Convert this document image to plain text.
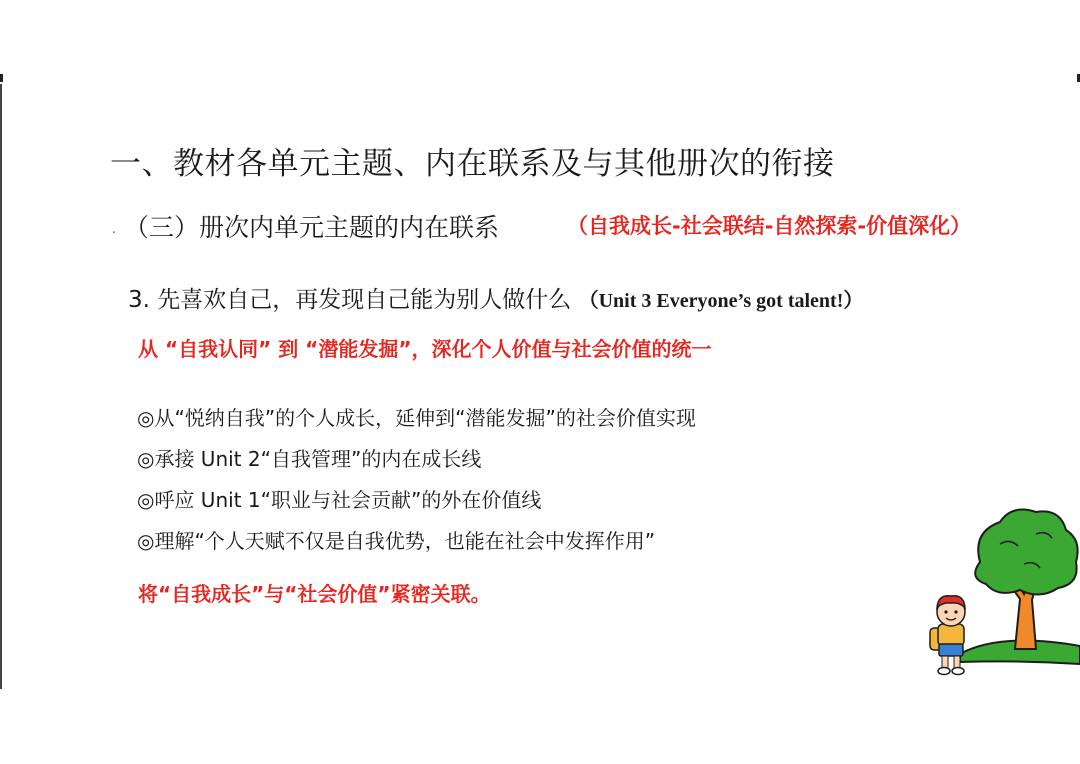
一、教材各单元主题、内在联系及与其他册次的衔接
. （三）册次内单元主题的内在联系	（自我成长-社会联结-自然探索-价值深化）
3. 先喜欢自己，再发现自己能为别人做什么 （Unit 3 Everyone’s got talent!）
从 “自我认同” 到 “潜能发掘”，深化个人价值与社会价值的统一
◎从“悦纳自我”的个人成长，延伸到“潜能发掘”的社会价值实现
◎承接 Unit 2“自我管理”的内在成长线
◎呼应 Unit 1“职业与社会贡献”的外在价值线
◎理解“个人天赋不仅是自我优势，也能在社会中发挥作用”
将“自我成长”与“社会价值”紧密关联。
